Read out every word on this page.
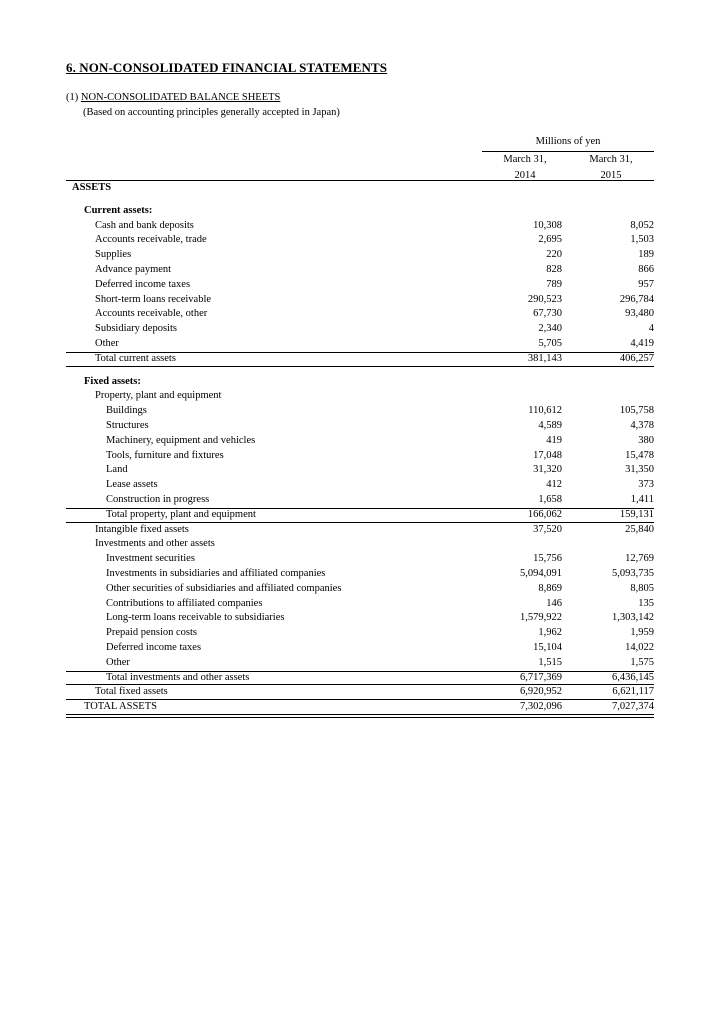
6. NON-CONSOLIDATED FINANCIAL STATEMENTS
(1) NON-CONSOLIDATED BALANCE SHEETS
(Based on accounting principles generally accepted in Japan)
Millions of yen
March 31,
2014
March 31,
2015
ASSETS
Current assets:
Cash and bank deposits	10,308	8,052
Accounts receivable, trade	2,695	1,503
Supplies	220	189
Advance payment	828	866
Deferred income taxes	789	957
Short-term loans receivable	290,523	296,784
Accounts receivable, other	67,730	93,480
Subsidiary deposits	2,340	4
Other	5,705	4,419
Total current assets	381,143	406,257
Fixed assets:
Property, plant and equipment
Buildings	110,612	105,758
Structures	4,589	4,378
Machinery, equipment and vehicles	419	380
Tools, furniture and fixtures	17,048	15,478
Land	31,320	31,350
Lease assets	412	373
Construction in progress	1,658	1,411
Total property, plant and equipment	166,062	159,131
Intangible fixed assets	37,520	25,840
Investments and other assets
Investment securities	15,756	12,769
Investments in subsidiaries and affiliated companies	5,094,091	5,093,735
Other securities of subsidiaries and affiliated companies	8,869	8,805
Contributions to affiliated companies	146	135
Long-term loans receivable to subsidiaries	1,579,922	1,303,142
Prepaid pension costs	1,962	1,959
Deferred income taxes	15,104	14,022
Other	1,515	1,575
Total investments and other assets	6,717,369	6,436,145
Total fixed assets	6,920,952	6,621,117
TOTAL ASSETS	7,302,096	7,027,374
